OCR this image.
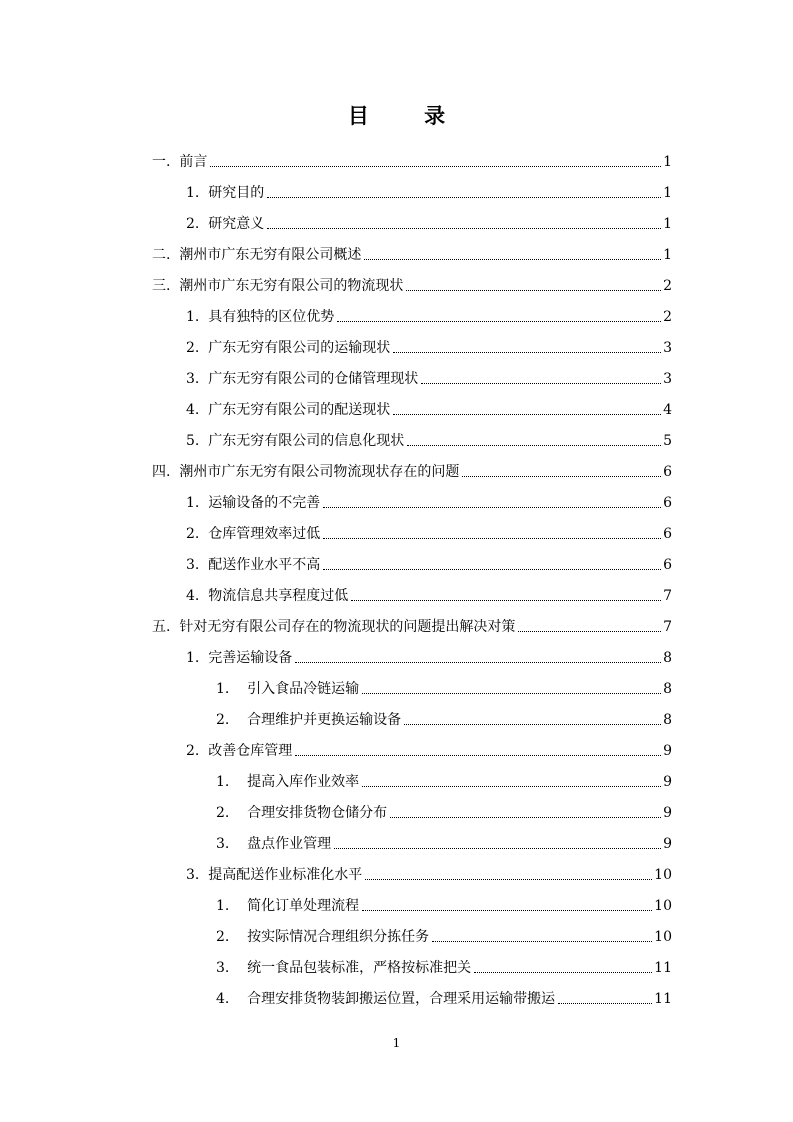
目 录
一. 前言	1
1. 研究目的	1
2. 研究意义	1
二. 潮州市广东无穷有限公司概述	1
三. 潮州市广东无穷有限公司的物流现状	2
1. 具有独特的区位优势	2
2. 广东无穷有限公司的运输现状	3
3. 广东无穷有限公司的仓储管理现状	3
4. 广东无穷有限公司的配送现状	4
5. 广东无穷有限公司的信息化现状	5
四. 潮州市广东无穷有限公司物流现状存在的问题	6
1. 运输设备的不完善	6
2. 仓库管理效率过低	6
3. 配送作业水平不高	6
4. 物流信息共享程度过低	7
五. 针对无穷有限公司存在的物流现状的问题提出解决对策	7
1. 完善运输设备	8
1. 引入食品冷链运输	8
2. 合理维护并更换运输设备	8
2. 改善仓库管理	9
1. 提高入库作业效率	9
2. 合理安排货物仓储分布	9
3. 盘点作业管理	9
3. 提高配送作业标准化水平	10
1. 简化订单处理流程	10
2. 按实际情况合理组织分拣任务	10
3. 统一食品包装标准，严格按标准把关	11
4. 合理安排货物装卸搬运位置，合理采用运输带搬运	11
1
